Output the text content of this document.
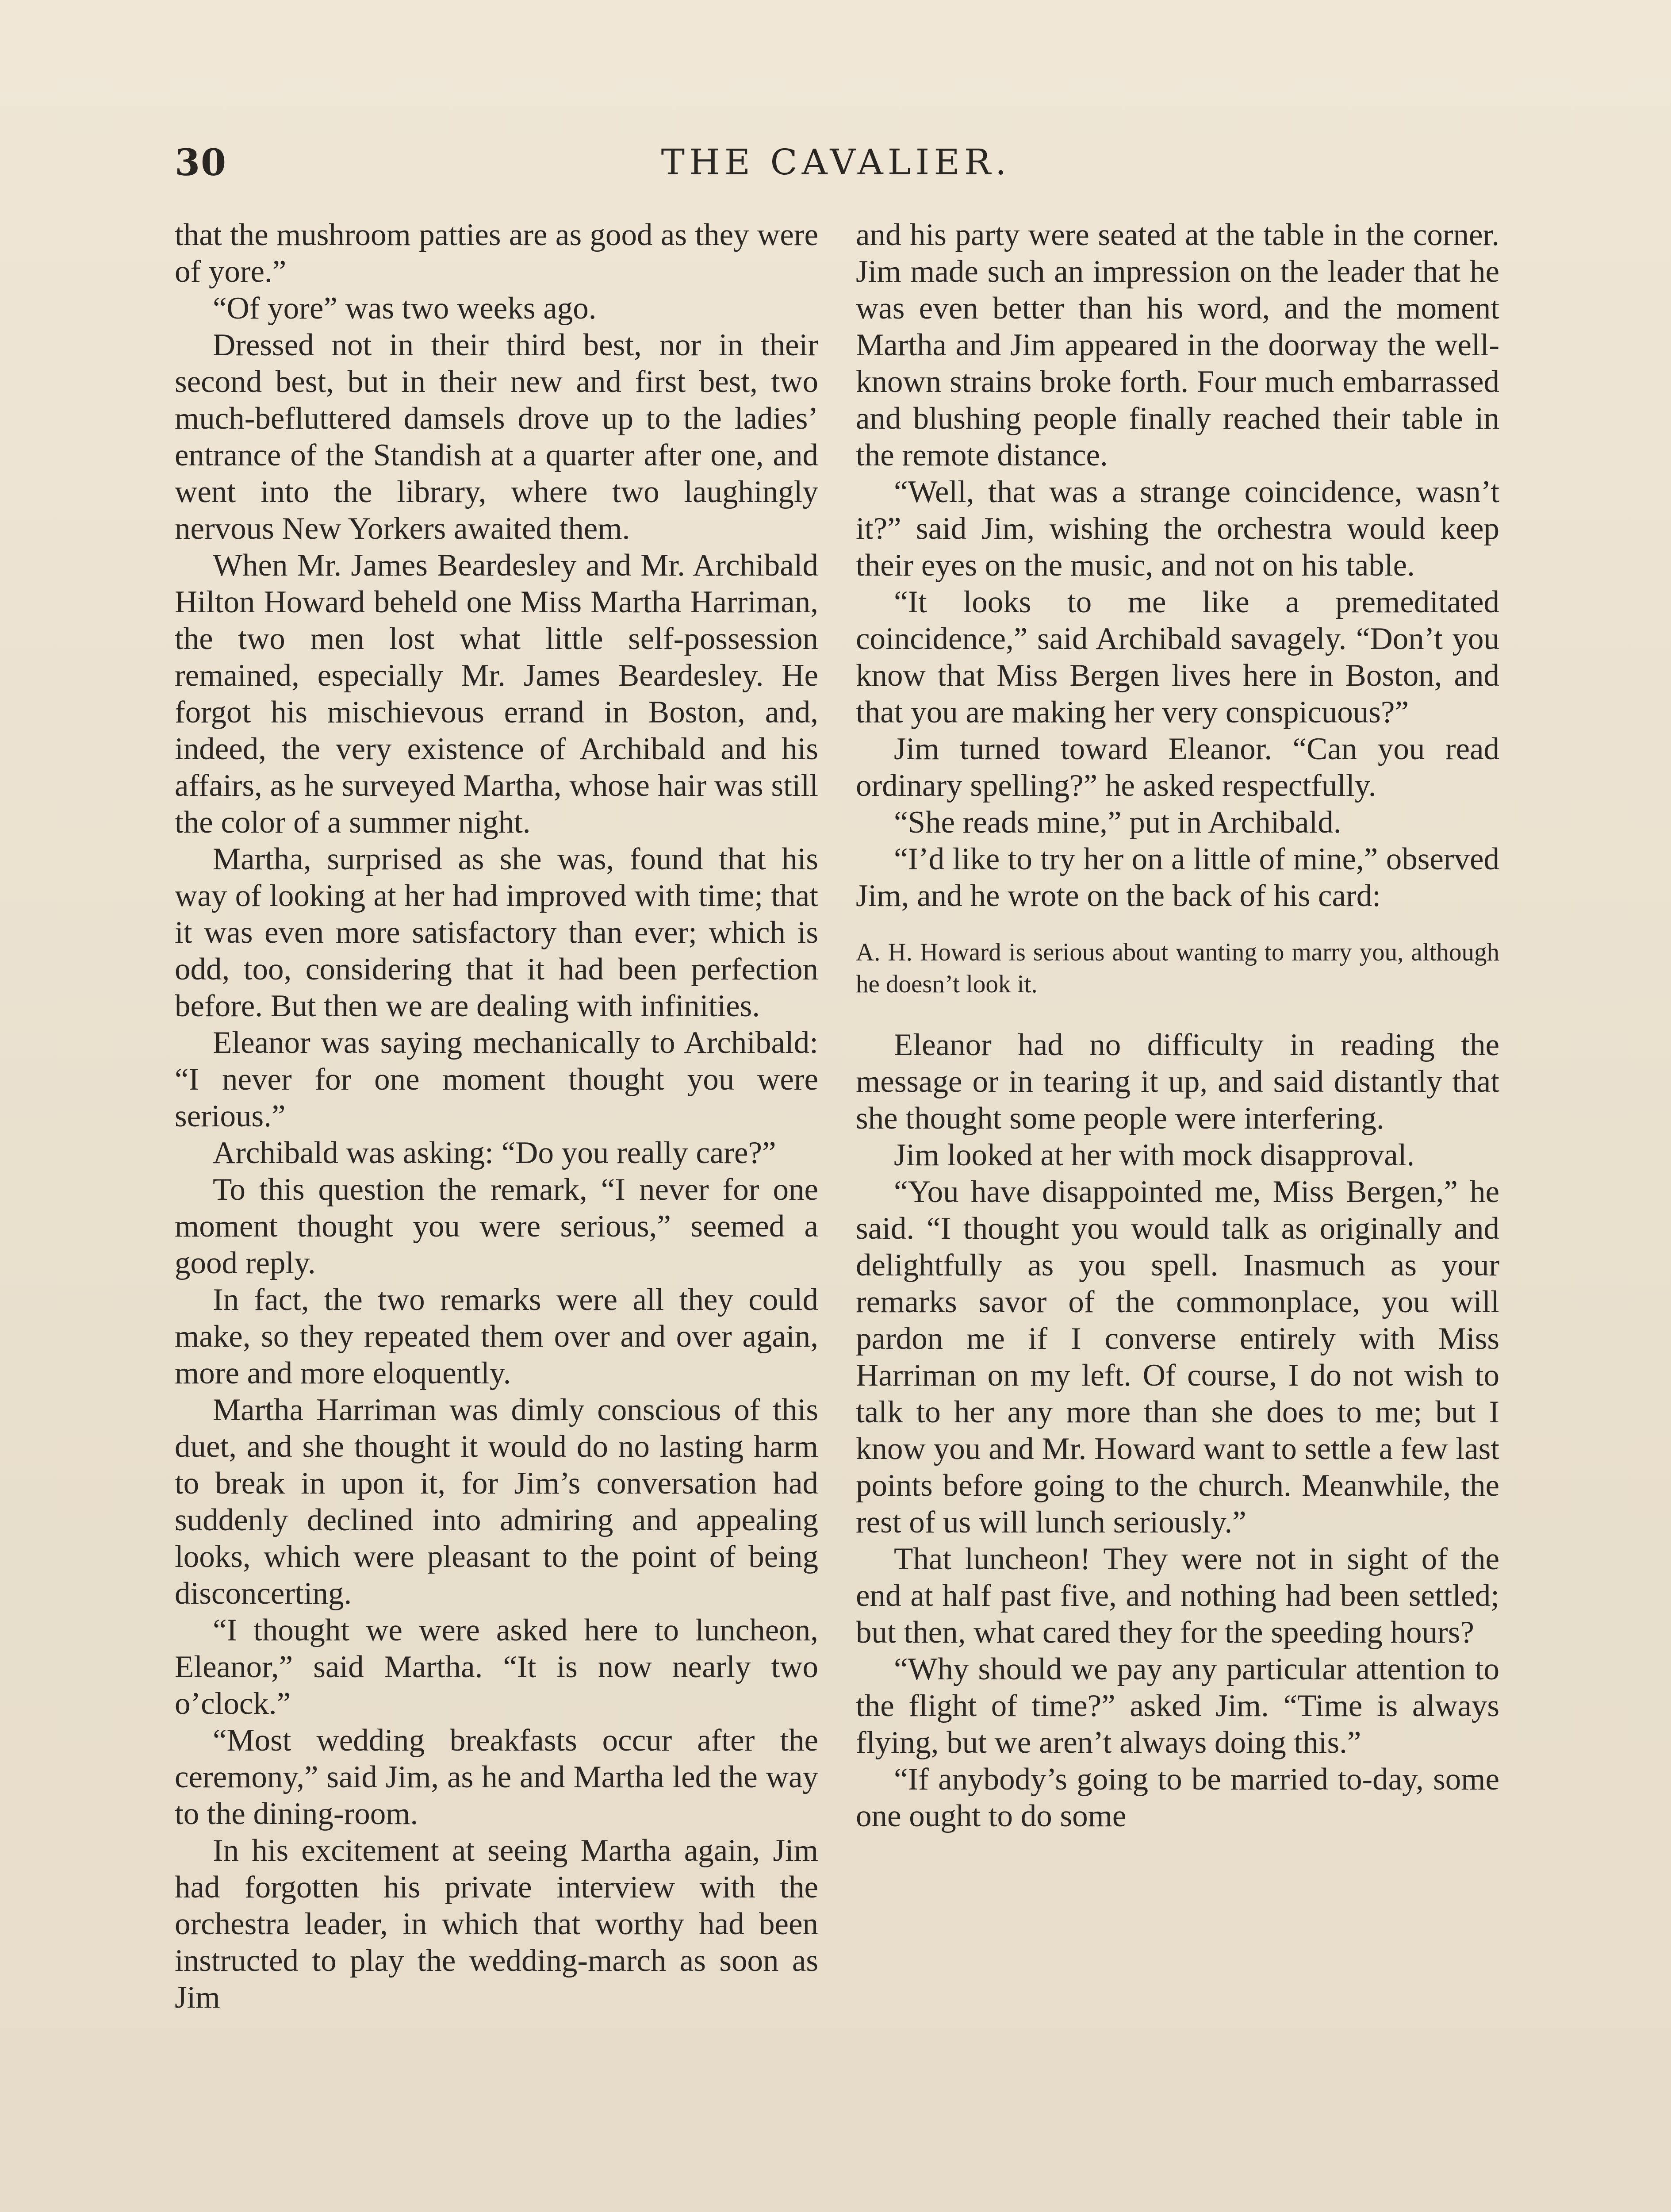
30	THE CAVALIER.

that the mushroom patties are as good as they were of yore.”

“Of yore” was two weeks ago.

Dressed not in their third best, nor in their second best, but in their new and first best, two much-befluttered damsels drove up to the ladies’ entrance of the Standish at a quarter after one, and went into the library, where two laughingly nervous New Yorkers awaited them.

When Mr. James Beardesley and Mr. Archibald Hilton Howard beheld one Miss Martha Harriman, the two men lost what little self-possession remained, especially Mr. James Beardesley. He forgot his mischievous errand in Boston, and, indeed, the very existence of Archibald and his affairs, as he surveyed Martha, whose hair was still the color of a summer night.

Martha, surprised as she was, found that his way of looking at her had improved with time; that it was even more satisfactory than ever; which is odd, too, considering that it had been perfection before. But then we are dealing with infinities.

Eleanor was saying mechanically to Archibald: “I never for one moment thought you were serious.”

Archibald was asking: “Do you really care?”

To this question the remark, “I never for one moment thought you were serious,” seemed a good reply.

In fact, the two remarks were all they could make, so they repeated them over and over again, more and more eloquently.

Martha Harriman was dimly conscious of this duet, and she thought it would do no lasting harm to break in upon it, for Jim’s conversation had suddenly declined into admiring and appealing looks, which were pleasant to the point of being disconcerting.

“I thought we were asked here to luncheon, Eleanor,” said Martha. “It is now nearly two o’clock.”

“Most wedding breakfasts occur after the ceremony,” said Jim, as he and Martha led the way to the dining-room.

In his excitement at seeing Martha again, Jim had forgotten his private interview with the orchestra leader, in which that worthy had been instructed to play the wedding-march as soon as Jim

and his party were seated at the table in the corner. Jim made such an impression on the leader that he was even better than his word, and the moment Martha and Jim appeared in the doorway the well-known strains broke forth. Four much embarrassed and blushing people finally reached their table in the remote distance.

“Well, that was a strange coincidence, wasn’t it?” said Jim, wishing the orchestra would keep their eyes on the music, and not on his table.

“It looks to me like a premeditated coincidence,” said Archibald savagely. “Don’t you know that Miss Bergen lives here in Boston, and that you are making her very conspicuous?”

Jim turned toward Eleanor. “Can you read ordinary spelling?” he asked respectfully.

“She reads mine,” put in Archibald.

“I’d like to try her on a little of mine,” observed Jim, and he wrote on the back of his card:

A. H. Howard is serious about wanting to marry you, although he doesn’t look it.

Eleanor had no difficulty in reading the message or in tearing it up, and said distantly that she thought some people were interfering.

Jim looked at her with mock disapproval.

“You have disappointed me, Miss Bergen,” he said. “I thought you would talk as originally and delightfully as you spell. Inasmuch as your remarks savor of the commonplace, you will pardon me if I converse entirely with Miss Harriman on my left. Of course, I do not wish to talk to her any more than she does to me; but I know you and Mr. Howard want to settle a few last points before going to the church. Meanwhile, the rest of us will lunch seriously.”

That luncheon! They were not in sight of the end at half past five, and nothing had been settled; but then, what cared they for the speeding hours?

“Why should we pay any particular attention to the flight of time?” asked Jim. “Time is always flying, but we aren’t always doing this.”

“If anybody’s going to be married to-day, some one ought to do some
